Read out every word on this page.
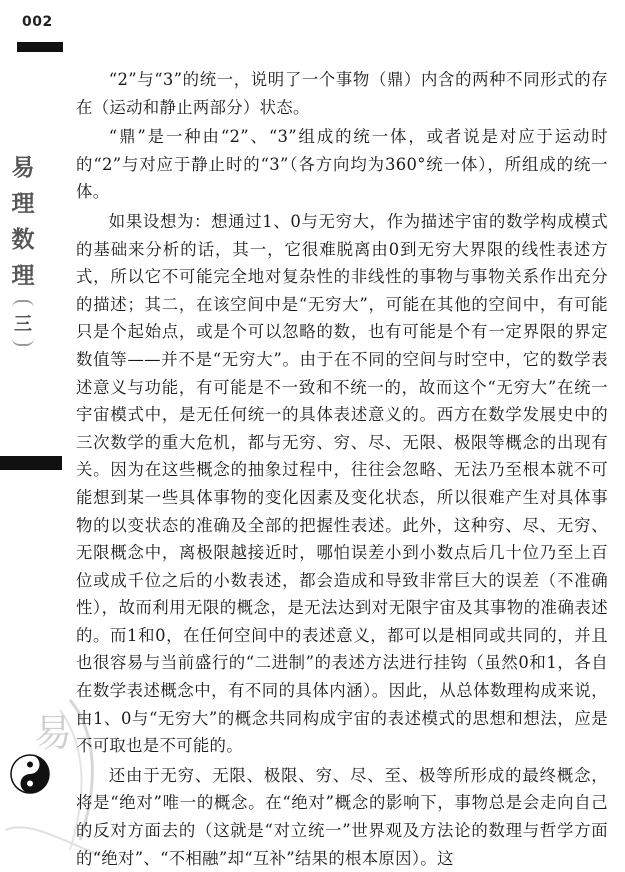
002
易
理
数
理
三
易

“2”与“3”的统一，说明了一个事物（鼎）内含的两种不同形式的存在（运动和静止两部分）状态。

“鼎”是一种由“2”、“3”组成的统一体，或者说是对应于运动时的“2”与对应于静止时的“3”（各方向均为360°统一体），所组成的统一体。

如果设想为：想通过1、0与无穷大，作为描述宇宙的数学构成模式的基础来分析的话，其一，它很难脱离由0到无穷大界限的线性表述方式，所以它不可能完全地对复杂性的非线性的事物与事物关系作出充分的描述；其二，在该空间中是“无穷大”，可能在其他的空间中，有可能只是个起始点，或是个可以忽略的数，也有可能是个有一定界限的界定数值等——并不是“无穷大”。由于在不同的空间与时空中，它的数学表述意义与功能，有可能是不一致和不统一的，故而这个“无穷大”在统一宇宙模式中，是无任何统一的具体表述意义的。西方在数学发展史中的三次数学的重大危机，都与无穷、穷、尽、无限、极限等概念的出现有关。因为在这些概念的抽象过程中，往往会忽略、无法乃至根本就不可能想到某一些具体事物的变化因素及变化状态，所以很难产生对具体事物的以变状态的准确及全部的把握性表述。此外，这种穷、尽、无穷、无限概念中，离极限越接近时，哪怕误差小到小数点后几十位乃至上百位或成千位之后的小数表述，都会造成和导致非常巨大的误差（不准确性），故而利用无限的概念，是无法达到对无限宇宙及其事物的准确表述的。而1和0，在任何空间中的表述意义，都可以是相同或共同的，并且也很容易与当前盛行的“二进制”的表述方法进行挂钩（虽然0和1，各自在数学表述概念中，有不同的具体内涵）。因此，从总体数理构成来说，由1、0与“无穷大”的概念共同构成宇宙的表述模式的思想和想法，应是不可取也是不可能的。

还由于无穷、无限、极限、穷、尽、至、极等所形成的最终概念，将是“绝对”唯一的概念。在“绝对”概念的影响下，事物总是会走向自己的反对方面去的（这就是“对立统一”世界观及方法论的数理与哲学方面的“绝对”、“不相融”却“互补”结果的根本原因）。这
